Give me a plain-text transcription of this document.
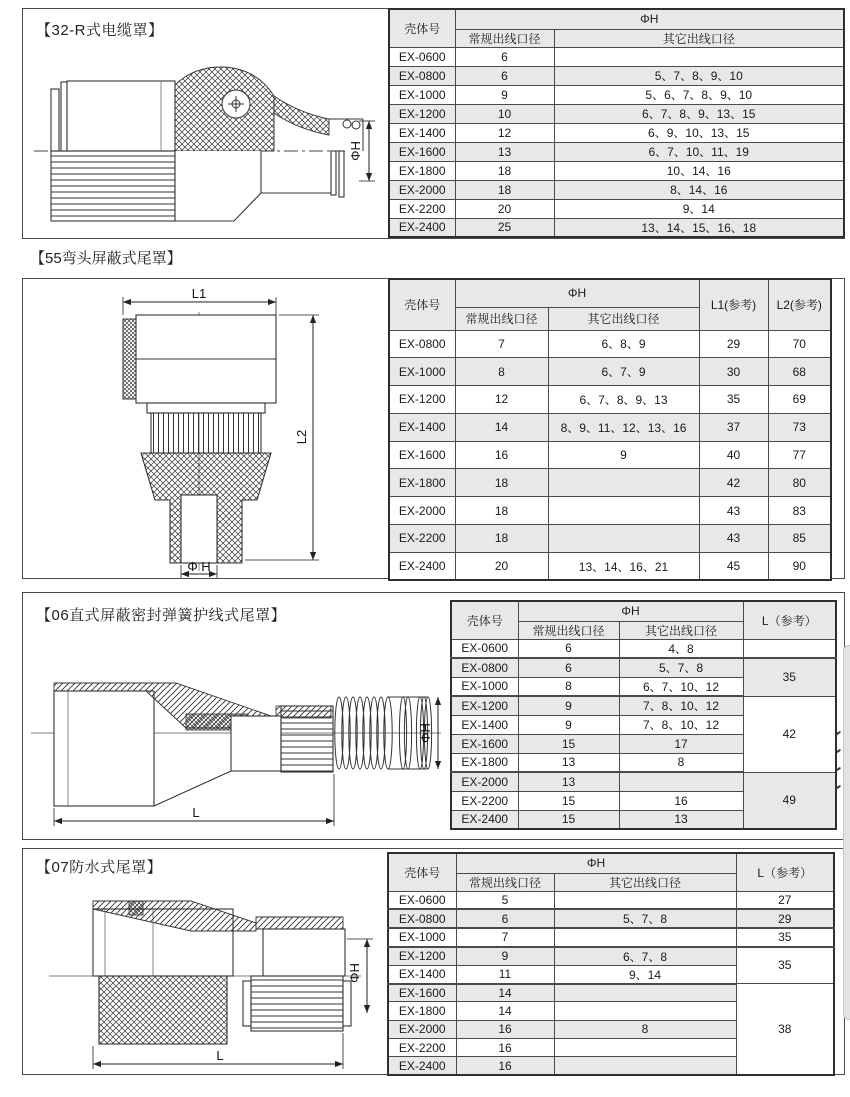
【32-R式电缆罩】
ΦH
壳体号	ΦH	
	常规出线口径	其它出线口径
EX-0600	6	
EX-0800	6	5、7、8、9、10
EX-1000	9	5、6、7、8、9、10
EX-1200	10	6、7、8、9、13、15
EX-1400	12	6、9、10、13、15
EX-1600	13	6、7、10、11、19
EX-1800	18	10、14、16
EX-2000	18	8、14、16
EX-2200	20	9、14
EX-2400	25	13、14、15、16、18
【55弯头屏蔽式尾罩】
L1
L2
Φ H
壳体号	ΦH		L1(参考)	L2(参考)
	常规出线口径	其它出线口径		
EX-0800	7	6、8、9	29	70
EX-1000	8	6、7、9	30	68
EX-1200	12	6、7、8、9、13	35	69
EX-1400	14	8、9、11、12、13、16	37	73
EX-1600	16	9	40	77
EX-1800	18		42	80
EX-2000	18		43	83
EX-2200	18		43	85
EX-2400	20	13、14、16、21	45	90
【06直式屏蔽密封弹簧护线式尾罩】
ΦH
L
壳体号	ΦH		L（参考）
	常规出线口径	其它出线口径	
EX-0600	6	4、8	
EX-0800	6	5、7、8	35
EX-1000	8	6、7、10、12	
EX-1200	9	7、8、10、12	42
EX-1400	9	7、8、10、12	
EX-1600	15	17	
EX-1800	13	8	
EX-2000	13		49
EX-2200	15	16	
EX-2400	15	13	
【07防水式尾罩】
ΦH
L
壳体号	ΦH		L（参考）
	常规出线口径	其它出线口径	
EX-0600	5		27
EX-0800	6	5、7、8	29
EX-1000	7		35
EX-1200	9	6、7、8	35
EX-1400	11	9、14	
EX-1600	14		38
EX-1800	14		
EX-2000	16	8	
EX-2200	16		
EX-2400	16		
